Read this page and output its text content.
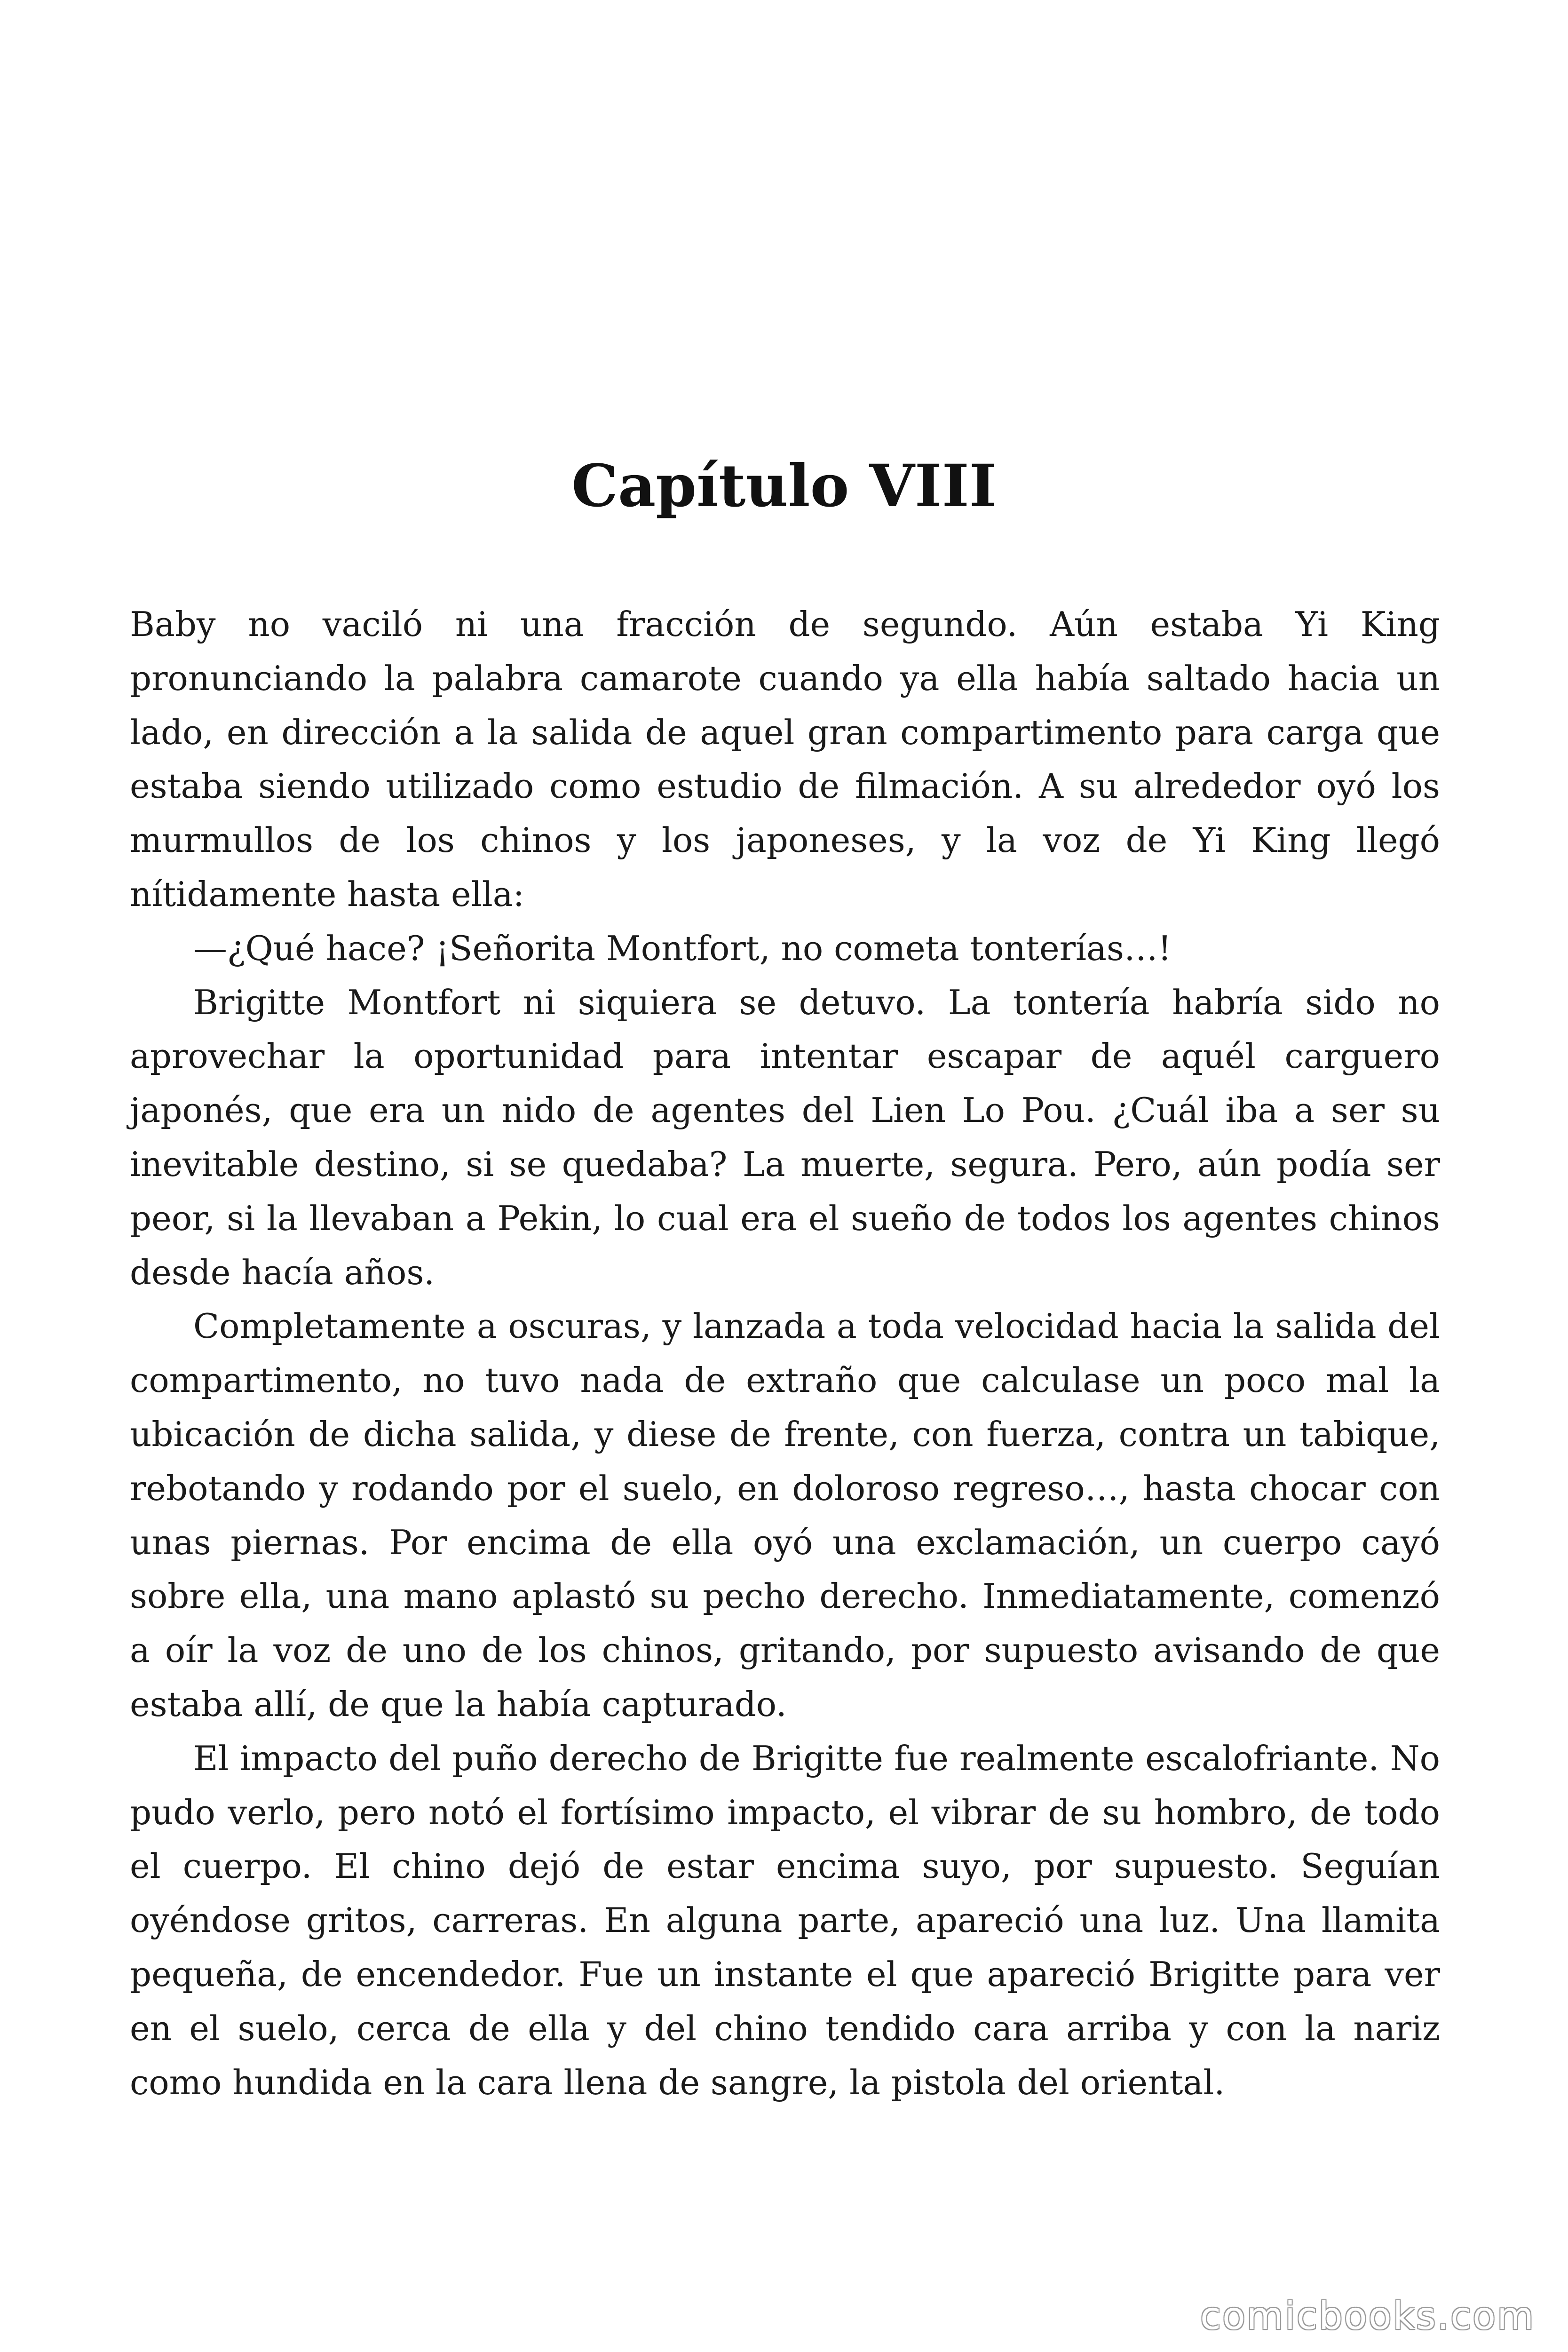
Capítulo VIII

Baby no vaciló ni una fracción de segundo. Aún estaba Yi King pronunciando la palabra camarote cuando ya ella había saltado hacia un lado, en dirección a la salida de aquel gran compartimento para carga que estaba siendo utilizado como estudio de filmación. A su alrededor oyó los murmullos de los chinos y los japoneses, y la voz de Yi King llegó nítidamente hasta ella:

—¿Qué hace? ¡Señorita Montfort, no cometa tonterías…!

Brigitte Montfort ni siquiera se detuvo. La tontería habría sido no aprovechar la oportunidad para intentar escapar de aquél carguero japonés, que era un nido de agentes del Lien Lo Pou. ¿Cuál iba a ser su inevitable destino, si se quedaba? La muerte, segura. Pero, aún podía ser peor, si la llevaban a Pekin, lo cual era el sueño de todos los agentes chinos desde hacía años.

Completamente a oscuras, y lanzada a toda velocidad hacia la salida del compartimento, no tuvo nada de extraño que calculase un poco mal la ubicación de dicha salida, y diese de frente, con fuerza, contra un tabique, rebotando y rodando por el suelo, en doloroso regreso…, hasta chocar con unas piernas. Por encima de ella oyó una exclamación, un cuerpo cayó sobre ella, una mano aplastó su pecho derecho. Inmediatamente, comenzó a oír la voz de uno de los chinos, gritando, por supuesto avisando de que estaba allí, de que la había capturado.

El impacto del puño derecho de Brigitte fue realmente escalofriante. No pudo verlo, pero notó el fortísimo impacto, el vibrar de su hombro, de todo el cuerpo. El chino dejó de estar encima suyo, por supuesto. Seguían oyéndose gritos, carreras. En alguna parte, apareció una luz. Una llamita pequeña, de encendedor. Fue un instante el que apareció Brigitte para ver en el suelo, cerca de ella y del chino tendido cara arriba y con la nariz como hundida en la cara llena de sangre, la pistola del oriental.

comicbooks.com
